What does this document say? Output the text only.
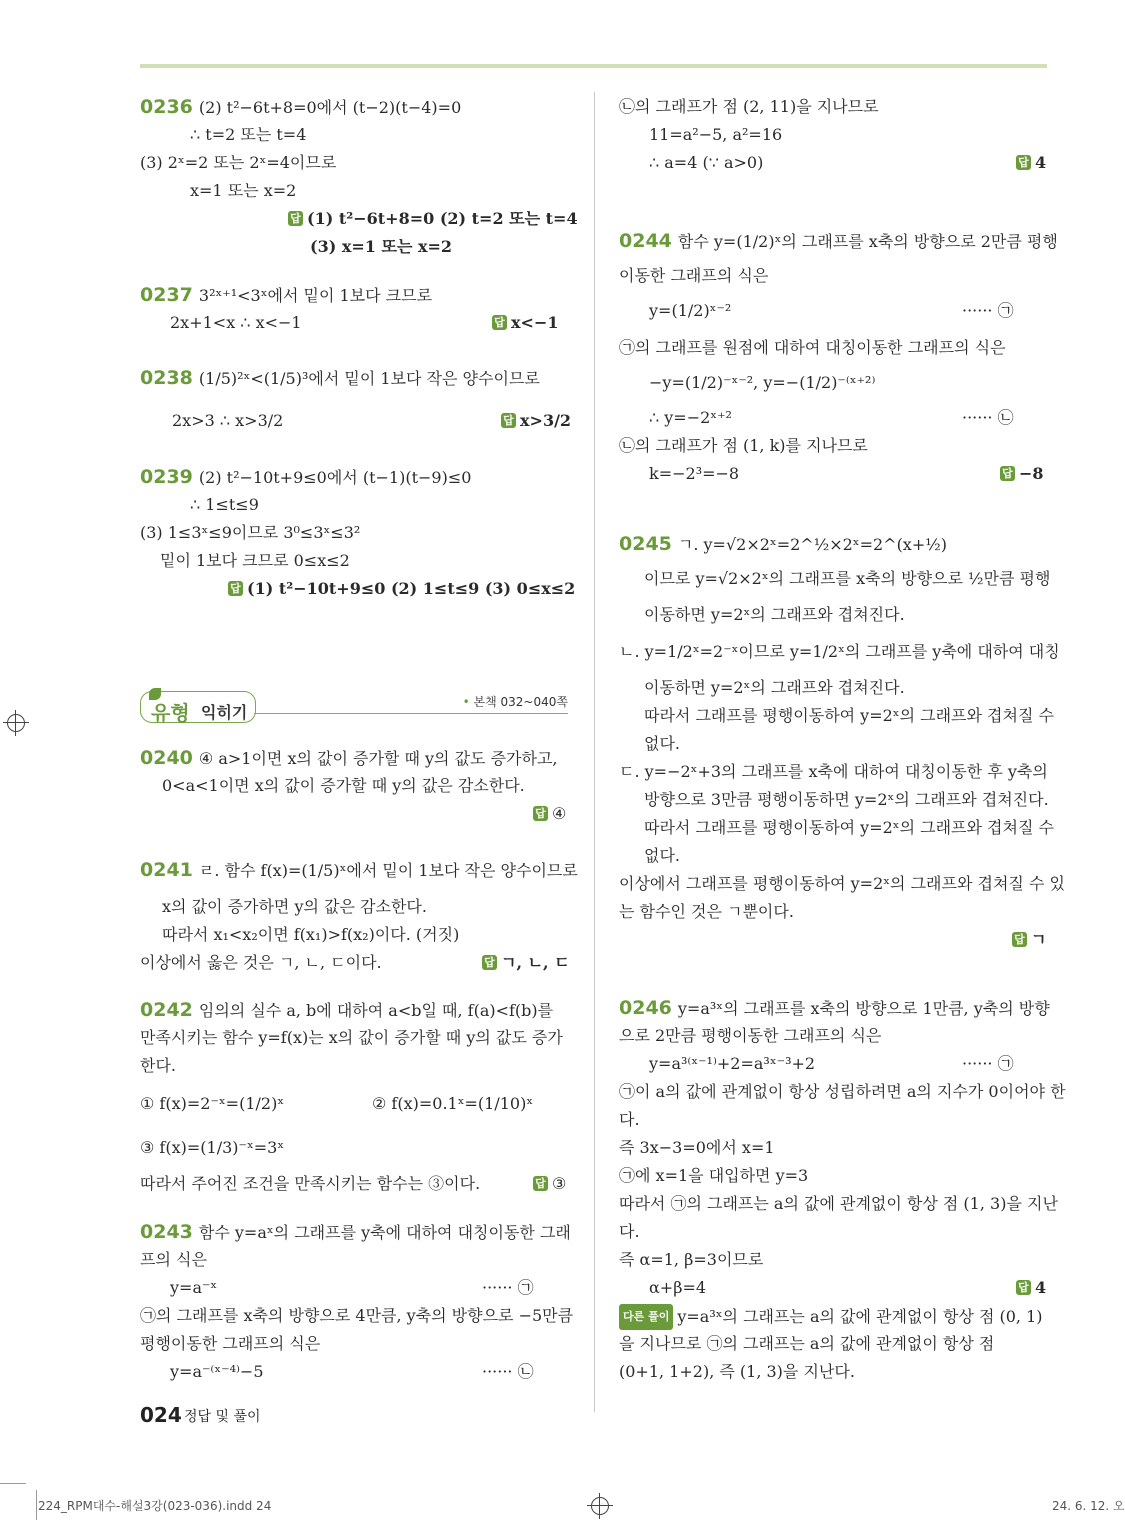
0236 (2) t²−6t+8=0에서 (t−2)(t−4)=0
∴ t=2 또는 t=4
(3) 2ˣ=2 또는 2ˣ=4이므로
x=1 또는 x=2
답 (1) t²−6t+8=0 (2) t=2 또는 t=4
(3) x=1 또는 x=2
0237 3²ˣ⁺¹<3ˣ에서 밑이 1보다 크므로
2x+1<x ∴ x<−1	답 x<−1
0238 (1/5)²ˣ<(1/5)³에서 밑이 1보다 작은 양수이므로
2x>3 ∴ x>3/2	답 x>3/2
0239 (2) t²−10t+9≤0에서 (t−1)(t−9)≤0
∴ 1≤t≤9
(3) 1≤3ˣ≤9이므로 3⁰≤3ˣ≤3²
밑이 1보다 크므로 0≤x≤2
답 (1) t²−10t+9≤0 (2) 1≤t≤9 (3) 0≤x≤2
유형 익히기
• 본책 032~040쪽
0240 ④ a>1이면 x의 값이 증가할 때 y의 값도 증가하고,
0<a<1이면 x의 값이 증가할 때 y의 값은 감소한다.
답 ④
0241 ㄹ. 함수 f(x)=(1/5)ˣ에서 밑이 1보다 작은 양수이므로
x의 값이 증가하면 y의 값은 감소한다.
따라서 x₁<x₂이면 f(x₁)>f(x₂)이다. (거짓)
이상에서 옳은 것은 ㄱ, ㄴ, ㄷ이다.	답 ㄱ, ㄴ, ㄷ
0242 임의의 실수 a, b에 대하여 a<b일 때, f(a)<f(b)를
만족시키는 함수 y=f(x)는 x의 값이 증가할 때 y의 값도 증가
한다.
① f(x)=2⁻ˣ=(1/2)ˣ	② f(x)=0.1ˣ=(1/10)ˣ
③ f(x)=(1/3)⁻ˣ=3ˣ
따라서 주어진 조건을 만족시키는 함수는 ③이다.	답 ③
0243 함수 y=aˣ의 그래프를 y축에 대하여 대칭이동한 그래
프의 식은
y=a⁻ˣ	······ ㉠
㉠의 그래프를 x축의 방향으로 4만큼, y축의 방향으로 −5만큼
평행이동한 그래프의 식은
y=a⁻⁽ˣ⁻⁴⁾−5	······ ㉡
㉡의 그래프가 점 (2, 11)을 지나므로
11=a²−5, a²=16
∴ a=4 (∵ a>0)	답 4
0244 함수 y=(1/2)ˣ의 그래프를 x축의 방향으로 2만큼 평행
이동한 그래프의 식은
y=(1/2)ˣ⁻²	······ ㉠
㉠의 그래프를 원점에 대하여 대칭이동한 그래프의 식은
−y=(1/2)⁻ˣ⁻², y=−(1/2)⁻⁽ˣ⁺²⁾
∴ y=−2ˣ⁺²	······ ㉡
㉡의 그래프가 점 (1, k)를 지나므로
k=−2³=−8	답 −8
0245 ㄱ. y=√2×2ˣ=2^½×2ˣ=2^(x+½)
이므로 y=√2×2ˣ의 그래프를 x축의 방향으로 ½만큼 평행
이동하면 y=2ˣ의 그래프와 겹쳐진다.
ㄴ. y=1/2ˣ=2⁻ˣ이므로 y=1/2ˣ의 그래프를 y축에 대하여 대칭
이동하면 y=2ˣ의 그래프와 겹쳐진다.
따라서 그래프를 평행이동하여 y=2ˣ의 그래프와 겹쳐질 수
없다.
ㄷ. y=−2ˣ+3의 그래프를 x축에 대하여 대칭이동한 후 y축의
방향으로 3만큼 평행이동하면 y=2ˣ의 그래프와 겹쳐진다.
따라서 그래프를 평행이동하여 y=2ˣ의 그래프와 겹쳐질 수
없다.
이상에서 그래프를 평행이동하여 y=2ˣ의 그래프와 겹쳐질 수 있
는 함수인 것은 ㄱ뿐이다.
답 ㄱ
0246 y=a³ˣ의 그래프를 x축의 방향으로 1만큼, y축의 방향
으로 2만큼 평행이동한 그래프의 식은
y=a³⁽ˣ⁻¹⁾+2=a³ˣ⁻³+2	······ ㉠
㉠이 a의 값에 관계없이 항상 성립하려면 a의 지수가 0이어야 한
다.
즉 3x−3=0에서 x=1
㉠에 x=1을 대입하면 y=3
따라서 ㉠의 그래프는 a의 값에 관계없이 항상 점 (1, 3)을 지난
다.
즉 α=1, β=3이므로
α+β=4	답 4
다른 풀이 y=a³ˣ의 그래프는 a의 값에 관계없이 항상 점 (0, 1)
을 지나므로 ㉠의 그래프는 a의 값에 관계없이 항상 점
(0+1, 1+2), 즉 (1, 3)을 지난다.
024 정답 및 풀이
224_RPM대수-해설3강(023-036).indd 24	24. 6. 12. 오
